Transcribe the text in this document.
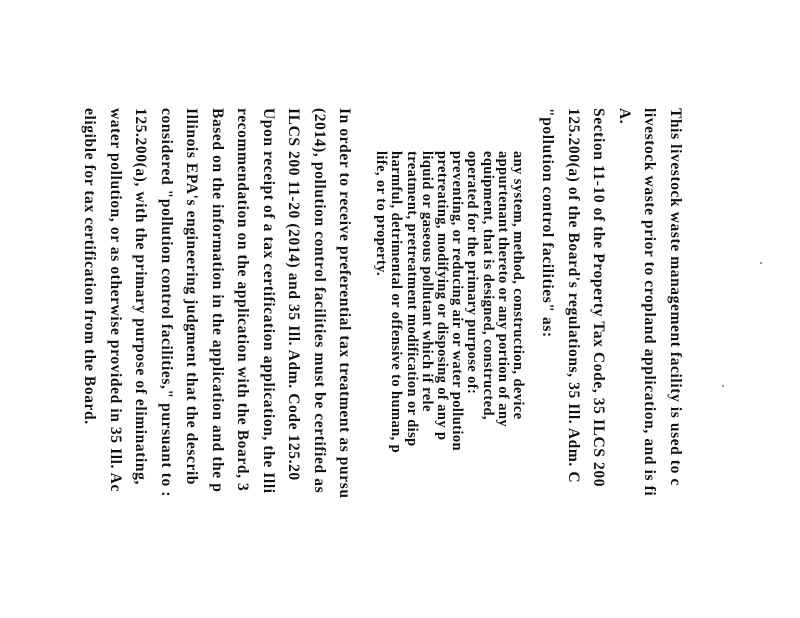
This livestock waste management facility is used to c
livestock waste prior to cropland application, and is fi
A.
Section 11-10 of the Property Tax Code, 35 ILCS 200
125.200(a) of the Board's regulations, 35 Ill. Adm. C
"pollution control facilities" as:
any system, method, construction, device
appurtenant thereto or any portion of any
equipment, that is designed, constructed,
operated for the primary purpose of:
preventing, or reducing air or water pollution
pretreating, modifying or disposing of any p
liquid or gaseous pollutant which if rele
treatment, pretreatment modification or disp
harmful, detrimental or offensive to human, p
life, or to property.
In order to receive preferential tax treatment as pursu
(2014), pollution control facilities must be certified as
ILCS 200 11-20 (2014) and 35 Ill. Adm. Code 125.20
Upon receipt of a tax certification application, the Illi
recommendation on the application with the Board, 3
Based on the information in the application and the p
Illinois EPA's engineering judgment that the describ
considered "pollution control facilities," pursuant to :
125.200(a), with the primary purpose of eliminating,
water pollution, or as otherwise provided in 35 Ill. Ac
eligible for tax certification from the Board.
